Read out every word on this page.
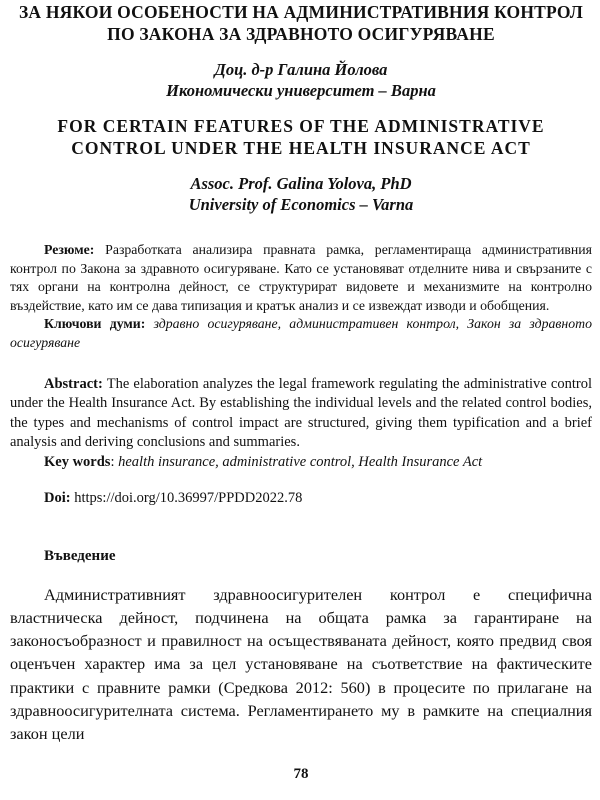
ЗА НЯКОИ ОСОБЕНОСТИ НА АДМИНИСТРАТИВНИЯ КОНТРОЛ ПО ЗАКОНА ЗА ЗДРАВНОТО ОСИГУРЯВАНЕ
Доц. д-р Галина Йолова
Икономически университет – Варна
FOR CERTAIN FEATURES OF THE ADMINISTRATIVE CONTROL UNDER THE HEALTH INSURANCE ACT
Assoc. Prof. Galina Yolova, PhD
University of Economics – Varna
Резюме: Разработката анализира правната рамка, регламентираща административния контрол по Закона за здравното осигуряване. Като се установяват отделните нива и свързаните с тях органи на контролна дейност, се структурират видовете и механизмите на контролно въздействие, като им се дава типизация и кратък анализ и се извеждат изводи и обобщения.
Ключови думи: здравно осигуряване, административен контрол, Закон за здравното осигуряване
Abstract: The elaboration analyzes the legal framework regulating the administrative control under the Health Insurance Act. By establishing the individual levels and the related control bodies, the types and mechanisms of control impact are structured, giving them typification and a brief analysis and deriving conclusions and summaries.
Key words: health insurance, administrative control, Health Insurance Act
Doi: https://doi.org/10.36997/PPDD2022.78
Въведение
Административният здравноосигурителен контрол е специфична властническа дейност, подчинена на общата рамка за гарантиране на законосъобразност и правилност на осъществяваната дейност, която предвид своя оценъчен характер има за цел установяване на съответствие на фактическите практики с правните рамки (Средкова 2012: 560) в процесите по прилагане на здравноосигурителната система. Регламентирането му в рамките на специалния закон цели
78
